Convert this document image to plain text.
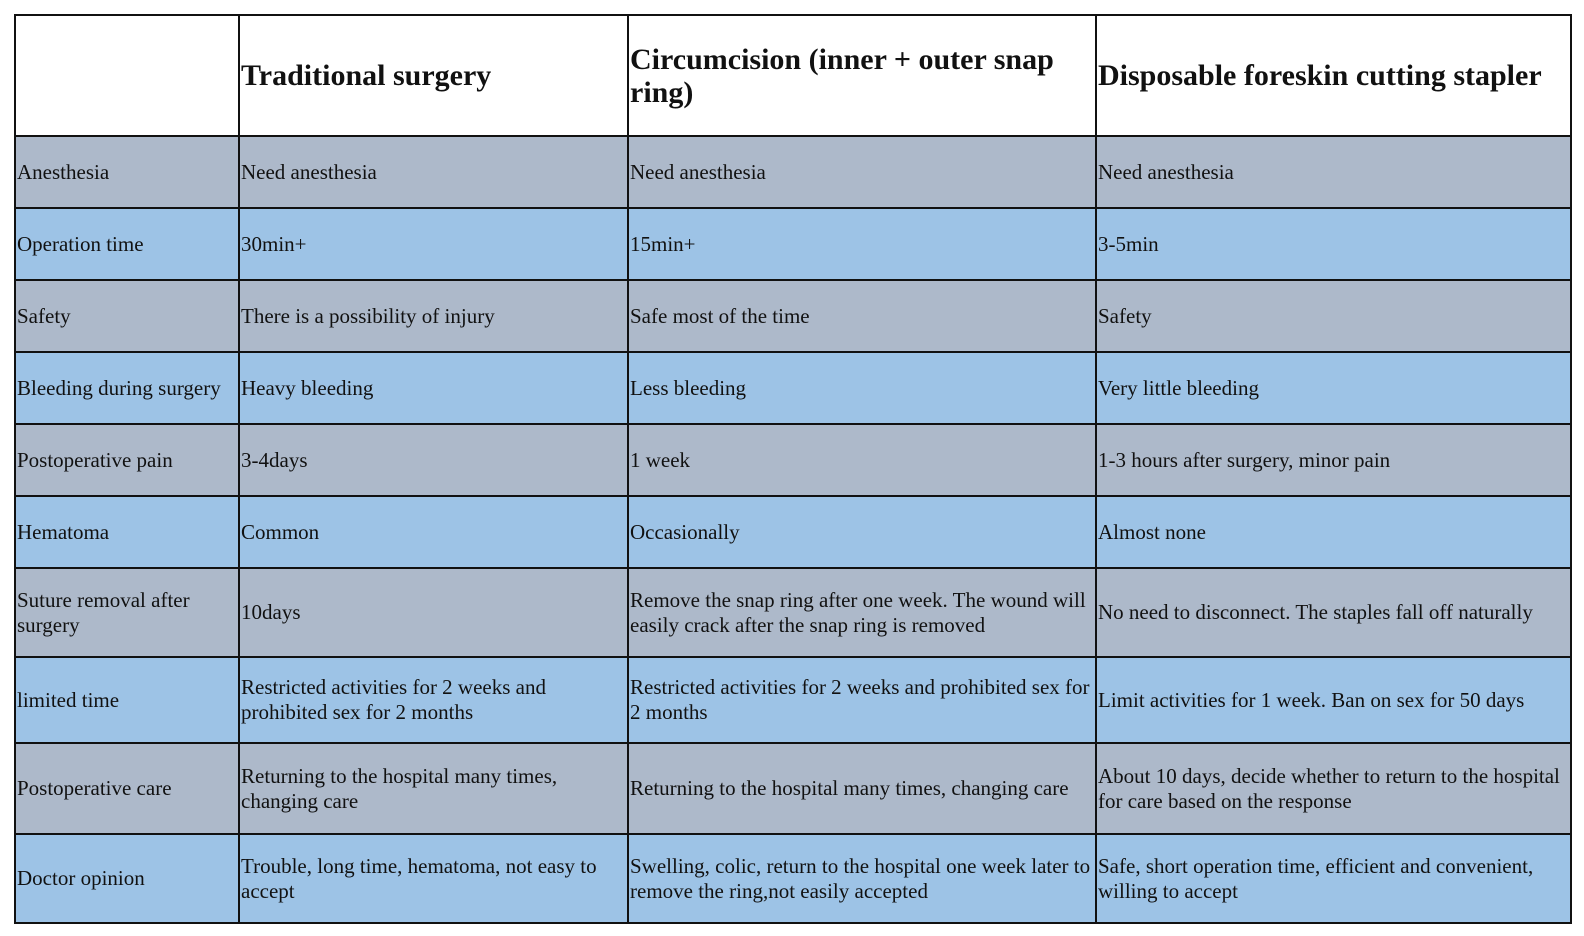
	Traditional surgery	Circumcision (inner + outer snap ring)	Disposable foreskin cutting stapler
Anesthesia	Need anesthesia	Need anesthesia	Need anesthesia
Operation time	30min+	15min+	3-5min
Safety	There is a possibility of injury	Safe most of the time	Safety
Bleeding during surgery	Heavy bleeding	Less bleeding	Very little bleeding
Postoperative pain	3-4days	1 week	1-3 hours after surgery, minor pain
Hematoma	Common	Occasionally	Almost none
Suture removal after surgery	10days	Remove the snap ring after one week. The wound will easily crack after the snap ring is removed	No need to disconnect. The staples fall off naturally
limited time	Restricted activities for 2 weeks and prohibited sex for 2 months	Restricted activities for 2 weeks and prohibited sex for 2 months	Limit activities for 1 week. Ban on sex for 50 days
Postoperative care	Returning to the hospital many times, changing care	Returning to the hospital many times, changing care	About 10 days, decide whether to return to the hospital for care based on the response
Doctor opinion	Trouble, long time, hematoma, not easy to accept	Swelling, colic, return to the hospital one week later to remove the ring,not easily accepted	Safe, short operation time, efficient and convenient, willing to accept
